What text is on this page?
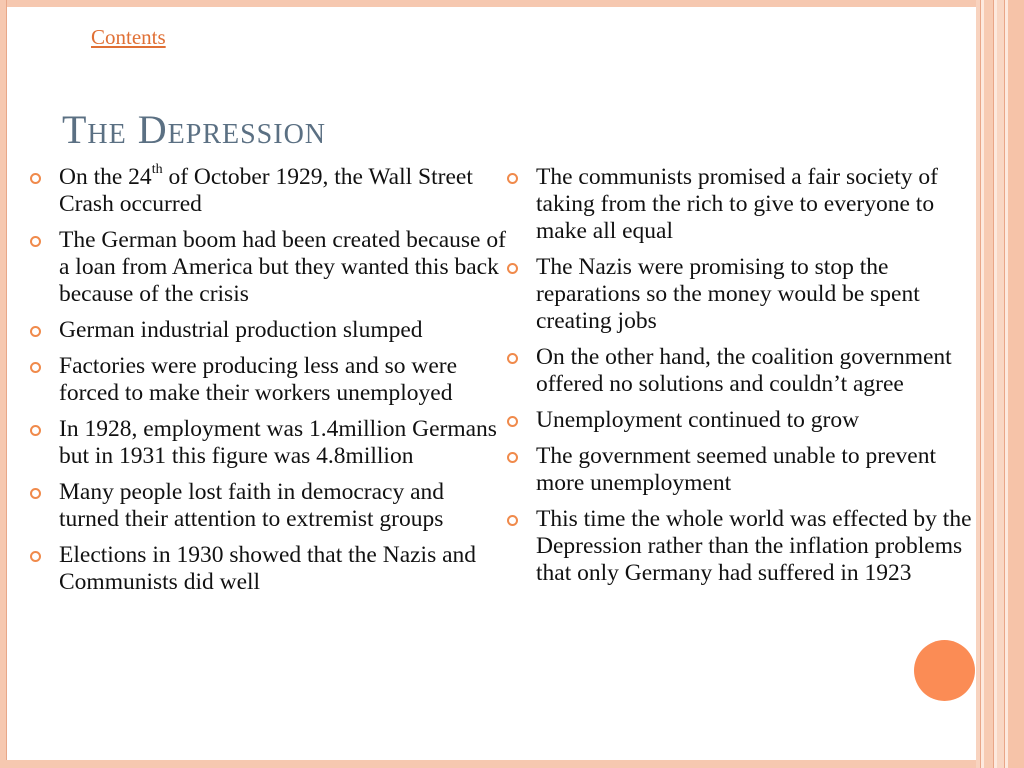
Contents
The Depression
On the 24th of October 1929, the Wall Street Crash occurred
The German boom had been created because of a loan from America but they wanted this back because of the crisis
German industrial production slumped
Factories were producing less and so were forced to make their workers unemployed
In 1928, employment was 1.4million Germans but in 1931 this figure was 4.8million
Many people lost faith in democracy and turned their attention to extremist groups
Elections in 1930 showed that the Nazis and Communists did well
The communists promised a fair society of taking from the rich to give to everyone to make all equal
The Nazis were promising to stop the reparations so the money would be spent creating jobs
On the other hand, the coalition government offered no solutions and couldn’t agree
Unemployment continued to grow
The government seemed unable to prevent more unemployment
This time the whole world was effected by the Depression rather than the inflation problems that only Germany had suffered in 1923
